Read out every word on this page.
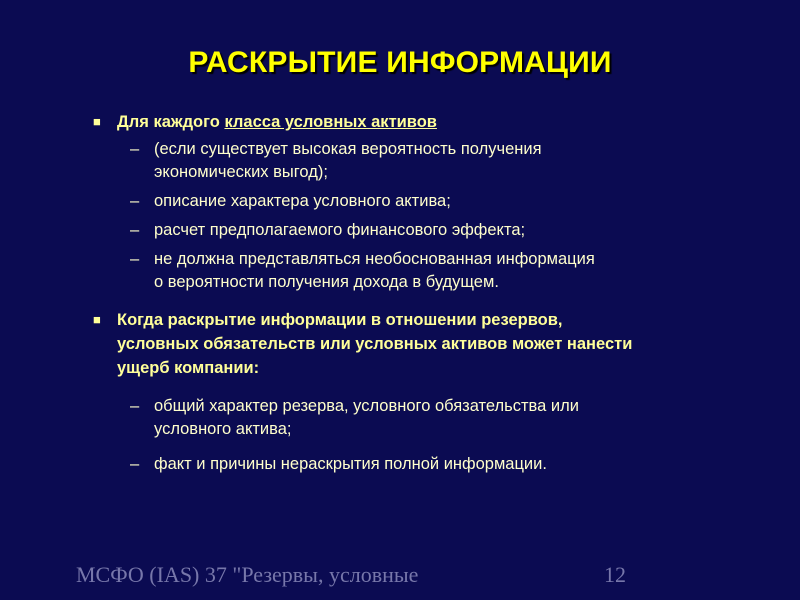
РАСКРЫТИЕ ИНФОРМАЦИИ
■ Для каждого класса условных активов
– (если существует высокая вероятность получения
экономических выгод);
– описание характера условного актива;
– расчет предполагаемого финансового эффекта;
– не должна представляться необоснованная информация
о вероятности получения дохода в будущем.
■ Когда раскрытие информации в отношении резервов,
условных обязательств или условных активов может нанести
ущерб компании:
– общий характер резерва, условного обязательства или
условного актива;
– факт и причины нераскрытия полной информации.
МСФО (IAS) 37 "Резервы, условные	12
